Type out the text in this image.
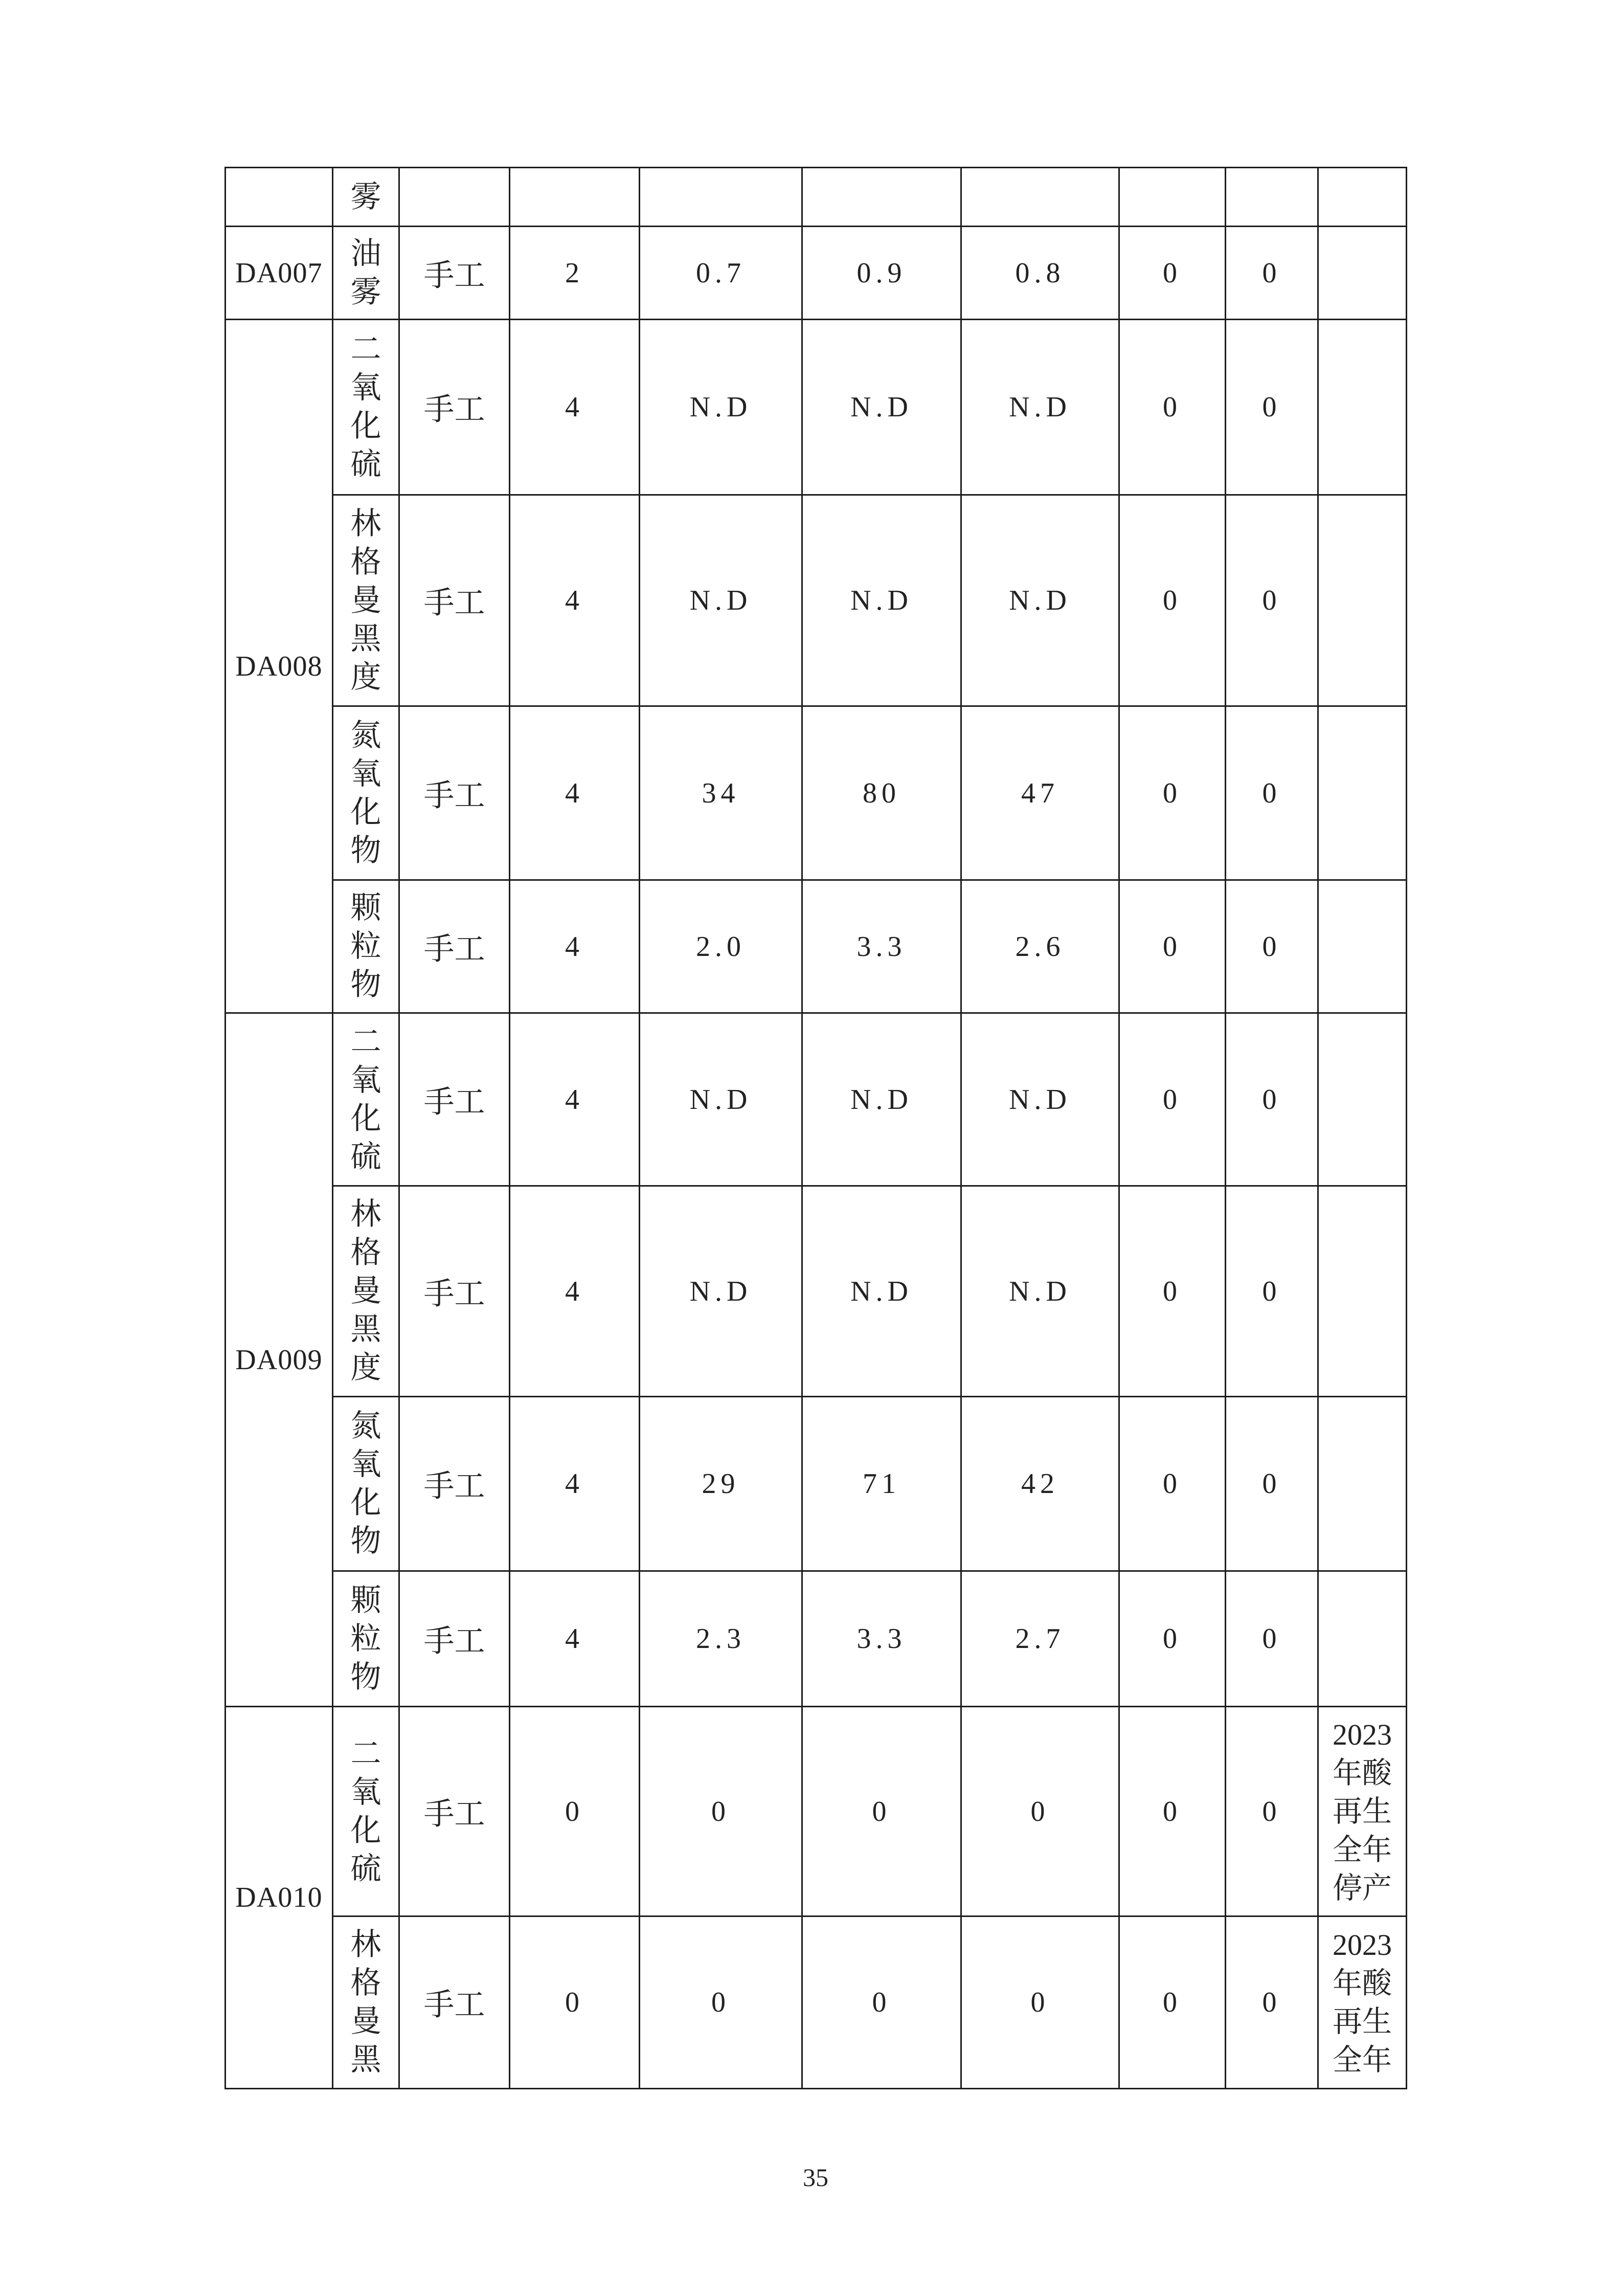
	雾								
DA007	油雾	手工	2	0.7	0.9	0.8	0	0	
DA008	二氧化硫	手工	4	N.D	N.D	N.D	0	0	
	林格曼黑度	手工	4	N.D	N.D	N.D	0	0	
	氮氧化物	手工	4	34	80	47	0	0	
	颗粒物	手工	4	2.0	3.3	2.6	0	0	
DA009	二氧化硫	手工	4	N.D	N.D	N.D	0	0	
	林格曼黑度	手工	4	N.D	N.D	N.D	0	0	
	氮氧化物	手工	4	29	71	42	0	0	
	颗粒物	手工	4	2.3	3.3	2.7	0	0	
DA010	二氧化硫	手工	0	0	0	0	0	0	2023年酸再生全年停产
	林格曼黑	手工	0	0	0	0	0	0	2023年酸再生全年
35
